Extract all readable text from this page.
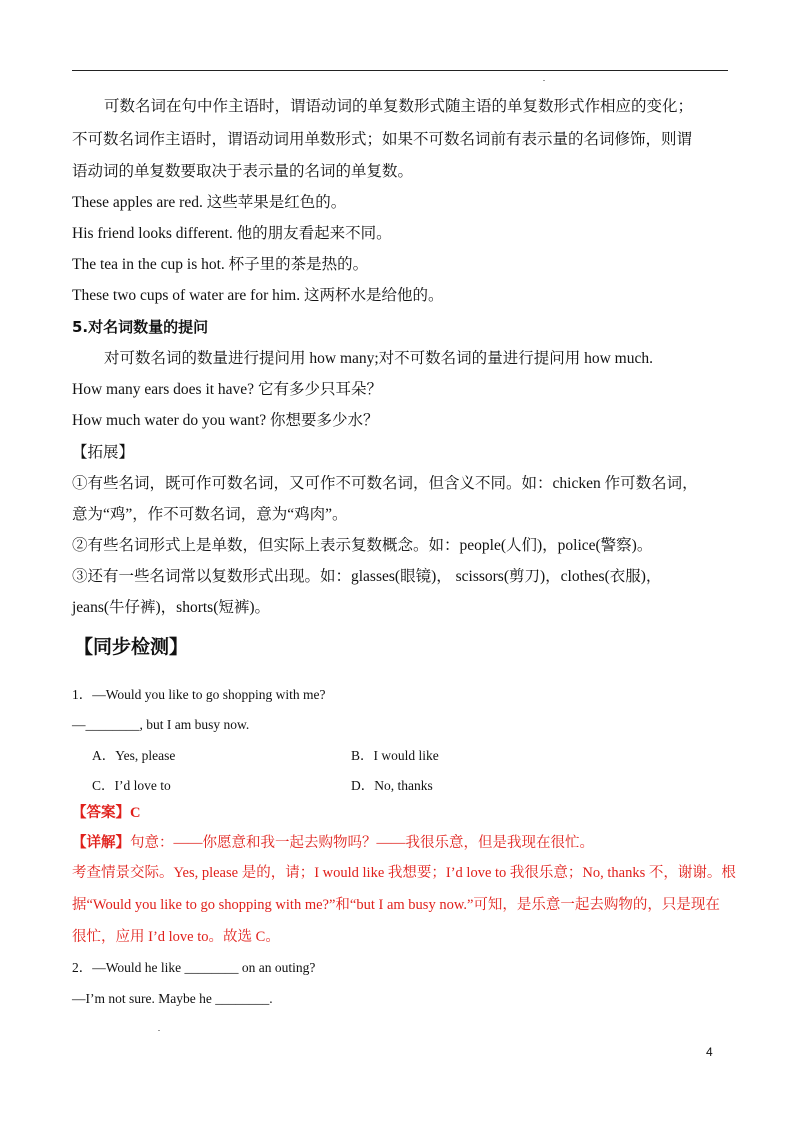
可数名词在句中作主语时，谓语动词的单复数形式随主语的单复数形式作相应的变化；
不可数名词作主语时，谓语动词用单数形式；如果不可数名词前有表示量的名词修饰，则谓
语动词的单复数要取决于表示量的名词的单复数。
These apples are red. 这些苹果是红色的。
His friend looks different. 他的朋友看起来不同。
The tea in the cup is hot. 杯子里的茶是热的。
These two cups of water are for him. 这两杯水是给他的。
5.对名词数量的提问
对可数名词的数量进行提问用 how many;对不可数名词的量进行提问用 how much.
How many ears does it have? 它有多少只耳朵？
How much water do you want? 你想要多少水？
【拓展】
①有些名词，既可作可数名词，又可作不可数名词，但含义不同。如：chicken 作可数名词，
意为“鸡”，作不可数名词，意为“鸡肉”。
②有些名词形式上是单数，但实际上表示复数概念。如：people(人们)，police(警察)。
③还有一些名词常以复数形式出现。如：glasses(眼镜)， scissors(剪刀)，clothes(衣服)，
jeans(牛仔裤)，shorts(短裤)。
【同步检测】
1．—Would you like to go shopping with me?
—________, but I am busy now.
A．Yes, please	B．I would like
C．I’d love to	D．No, thanks
【答案】C
【详解】句意：——你愿意和我一起去购物吗？——我很乐意，但是我现在很忙。
考查情景交际。Yes, please 是的，请；I would like 我想要；I’d love to 我很乐意；No, thanks 不，谢谢。根
据“Would you like to go shopping with me?”和“but I am busy now.”可知，是乐意一起去购物的，只是现在
很忙，应用 I’d love to。故选 C。
2．—Would he like ________ on an outing?
—I’m not sure. Maybe he ________.
4
